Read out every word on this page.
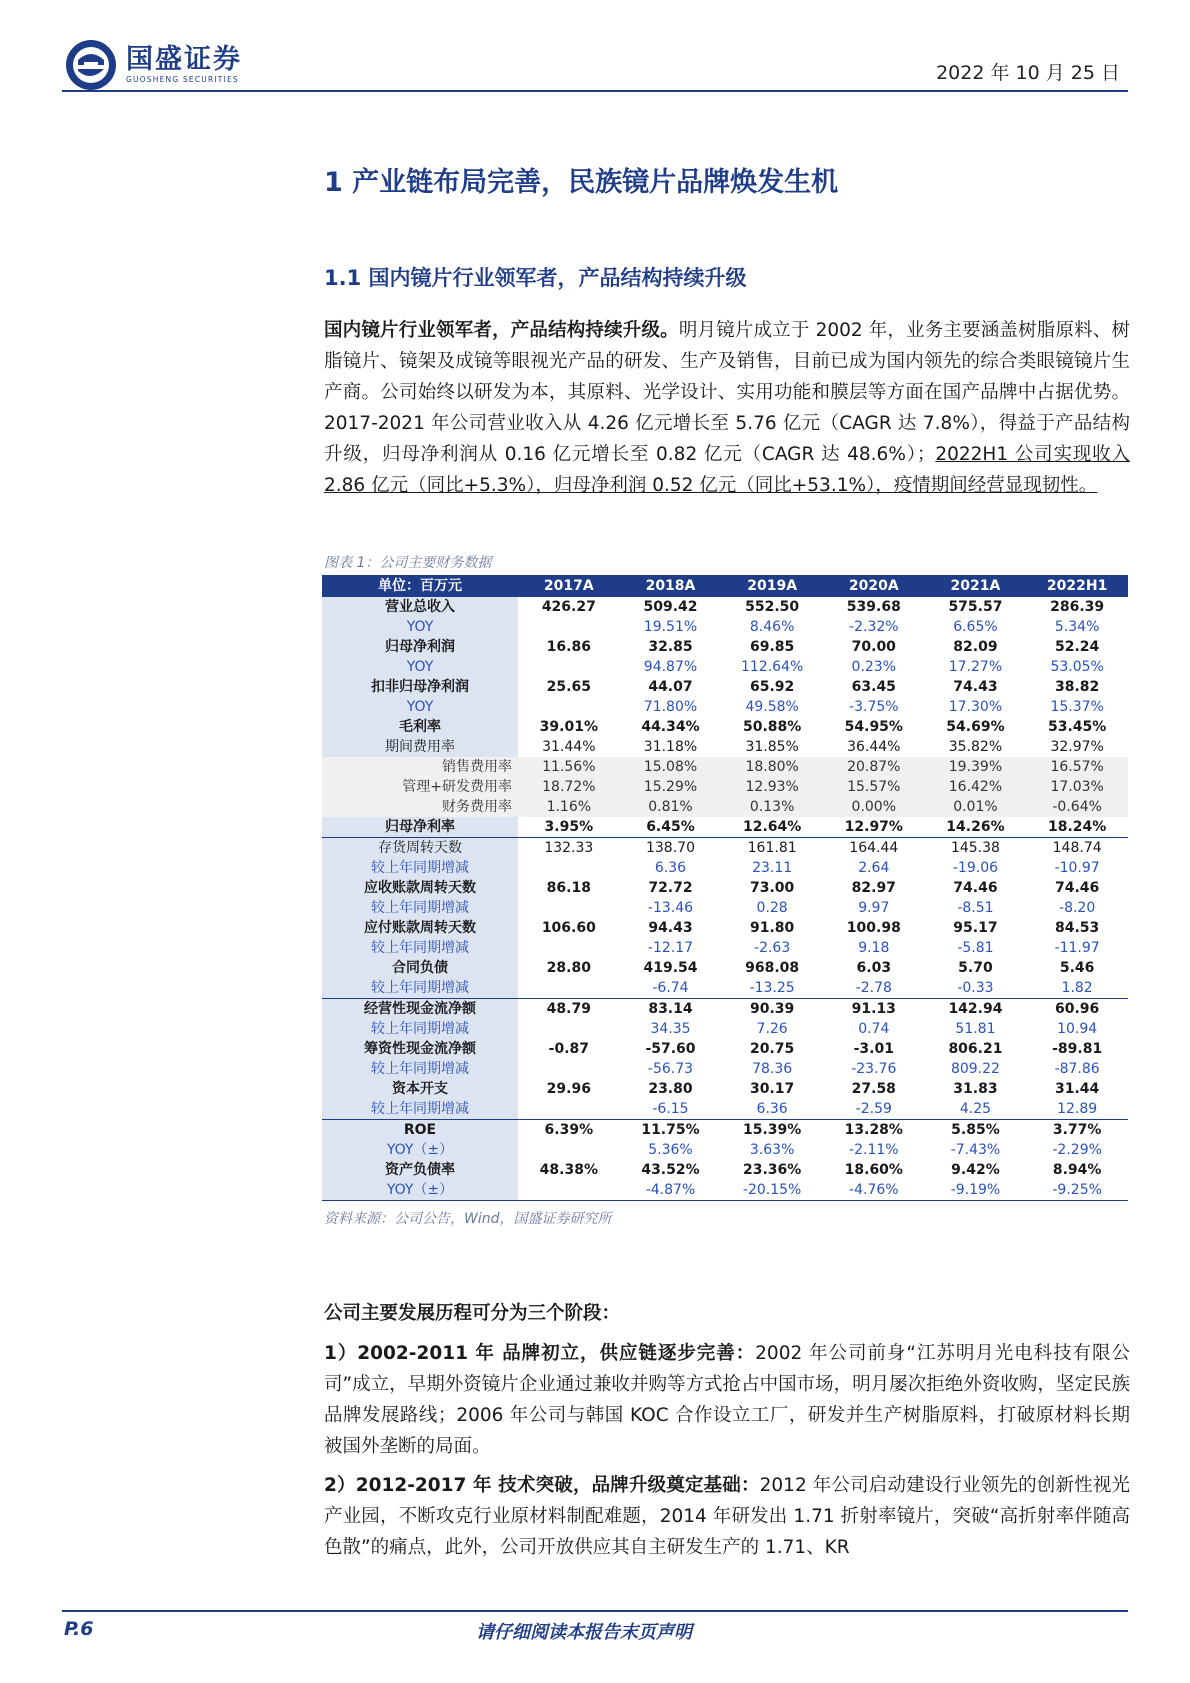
国盛证券
GUOSHENG SECURITIES	2022 年 10 月 25 日
1 产业链布局完善，民族镜片品牌焕发生机
1.1 国内镜片行业领军者，产品结构持续升级
国内镜片行业领军者，产品结构持续升级。明月镜片成立于 2002 年，业务主要涵盖树脂原料、树脂镜片、镜架及成镜等眼视光产品的研发、生产及销售，目前已成为国内领先的综合类眼镜镜片生产商。公司始终以研发为本，其原料、光学设计、实用功能和膜层等方面在国产品牌中占据优势。2017-2021 年公司营业收入从 4.26 亿元增长至 5.76 亿元（CAGR 达 7.8%），得益于产品结构升级，归母净利润从 0.16 亿元增长至 0.82 亿元（CAGR 达 48.6%）；2022H1 公司实现收入 2.86 亿元（同比+5.3%），归母净利润 0.52 亿元（同比+53.1%），疫情期间经营显现韧性。
图表 1：公司主要财务数据
单位：百万元	2017A	2018A	2019A	2020A	2021A	2022H1
营业总收入	426.27	509.42	552.50	539.68	575.57	286.39
YOY		19.51%	8.46%	-2.32%	6.65%	5.34%
归母净利润	16.86	32.85	69.85	70.00	82.09	52.24
YOY		94.87%	112.64%	0.23%	17.27%	53.05%
扣非归母净利润	25.65	44.07	65.92	63.45	74.43	38.82
YOY		71.80%	49.58%	-3.75%	17.30%	15.37%
毛利率	39.01%	44.34%	50.88%	54.95%	54.69%	53.45%
期间费用率	31.44%	31.18%	31.85%	36.44%	35.82%	32.97%
销售费用率	11.56%	15.08%	18.80%	20.87%	19.39%	16.57%
管理+研发费用率	18.72%	15.29%	12.93%	15.57%	16.42%	17.03%
财务费用率	1.16%	0.81%	0.13%	0.00%	0.01%	-0.64%
归母净利率	3.95%	6.45%	12.64%	12.97%	14.26%	18.24%
存货周转天数	132.33	138.70	161.81	164.44	145.38	148.74
较上年同期增减		6.36	23.11	2.64	-19.06	-10.97
应收账款周转天数	86.18	72.72	73.00	82.97	74.46	74.46
较上年同期增减		-13.46	0.28	9.97	-8.51	-8.20
应付账款周转天数	106.60	94.43	91.80	100.98	95.17	84.53
较上年同期增减		-12.17	-2.63	9.18	-5.81	-11.97
合同负债	28.80	419.54	968.08	6.03	5.70	5.46
较上年同期增减		-6.74	-13.25	-2.78	-0.33	1.82
经营性现金流净额	48.79	83.14	90.39	91.13	142.94	60.96
较上年同期增减		34.35	7.26	0.74	51.81	10.94
筹资性现金流净额	-0.87	-57.60	20.75	-3.01	806.21	-89.81
较上年同期增减		-56.73	78.36	-23.76	809.22	-87.86
资本开支	29.96	23.80	30.17	27.58	31.83	31.44
较上年同期增减		-6.15	6.36	-2.59	4.25	12.89
ROE	6.39%	11.75%	15.39%	13.28%	5.85%	3.77%
YOY（±）		5.36%	3.63%	-2.11%	-7.43%	-2.29%
资产负债率	48.38%	43.52%	23.36%	18.60%	9.42%	8.94%
YOY（±）		-4.87%	-20.15%	-4.76%	-9.19%	-9.25%
资料来源：公司公告，Wind，国盛证券研究所
公司主要发展历程可分为三个阶段：
1）2002-2011 年 品牌初立，供应链逐步完善：2002 年公司前身“江苏明月光电科技有限公司”成立，早期外资镜片企业通过兼收并购等方式抢占中国市场，明月屡次拒绝外资收购，坚定民族品牌发展路线；2006 年公司与韩国 KOC 合作设立工厂，研发并生产树脂原料，打破原材料长期被国外垄断的局面。
2）2012-2017 年 技术突破，品牌升级奠定基础：2012 年公司启动建设行业领先的创新性视光产业园，不断攻克行业原材料制配难题，2014 年研发出 1.71 折射率镜片，突破“高折射率伴随高色散”的痛点，此外，公司开放供应其自主研发生产的 1.71、KR
P.6	请仔细阅读本报告末页声明
